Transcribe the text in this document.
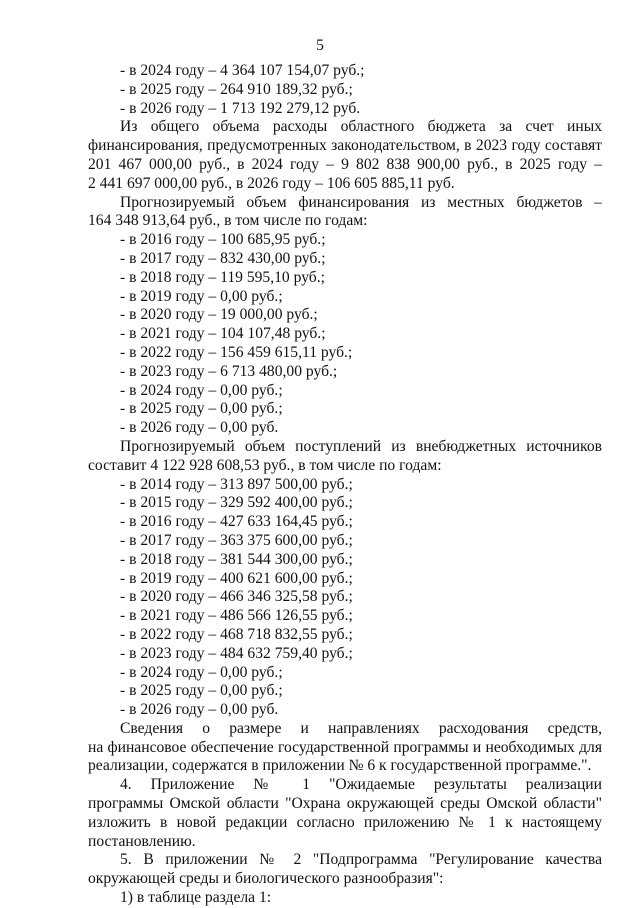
5
- в 2024 году – 4 364 107 154,07 руб.;
- в 2025 году – 264 910 189,32 руб.;
- в 2026 году – 1 713 192 279,12 руб.
Из общего объема расходы областного бюджета за счет иных
финансирования, предусмотренных законодательством, в 2023 году составят
201 467 000,00 руб., в 2024 году – 9 802 838 900,00 руб., в 2025 году –
2 441 697 000,00 руб., в 2026 году – 106 605 885,11 руб.
Прогнозируемый объем финансирования из местных бюджетов –
164 348 913,64 руб., в том числе по годам:
- в 2016 году – 100 685,95 руб.;
- в 2017 году – 832 430,00 руб.;
- в 2018 году – 119 595,10 руб.;
- в 2019 году – 0,00 руб.;
- в 2020 году – 19 000,00 руб.;
- в 2021 году – 104 107,48 руб.;
- в 2022 году – 156 459 615,11 руб.;
- в 2023 году – 6 713 480,00 руб.;
- в 2024 году – 0,00 руб.;
- в 2025 году – 0,00 руб.;
- в 2026 году – 0,00 руб.
Прогнозируемый объем поступлений из внебюджетных источников
составит 4 122 928 608,53 руб., в том числе по годам:
- в 2014 году – 313 897 500,00 руб.;
- в 2015 году – 329 592 400,00 руб.;
- в 2016 году – 427 633 164,45 руб.;
- в 2017 году – 363 375 600,00 руб.;
- в 2018 году – 381 544 300,00 руб.;
- в 2019 году – 400 621 600,00 руб.;
- в 2020 году – 466 346 325,58 руб.;
- в 2021 году – 486 566 126,55 руб.;
- в 2022 году – 468 718 832,55 руб.;
- в 2023 году – 484 632 759,40 руб.;
- в 2024 году – 0,00 руб.;
- в 2025 году – 0,00 руб.;
- в 2026 году – 0,00 руб.
Сведения о размере и направлениях расходования средств,
на финансовое обеспечение государственной программы и необходимых для
реализации, содержатся в приложении № 6 к государственной программе.".
4. Приложение № 1 "Ожидаемые результаты реализации
программы Омской области "Охрана окружающей среды Омской области"
изложить в новой редакции согласно приложению № 1 к настоящему
постановлению.
5. В приложении № 2 "Подпрограмма "Регулирование качества
окружающей среды и биологического разнообразия":
1) в таблице раздела 1:
